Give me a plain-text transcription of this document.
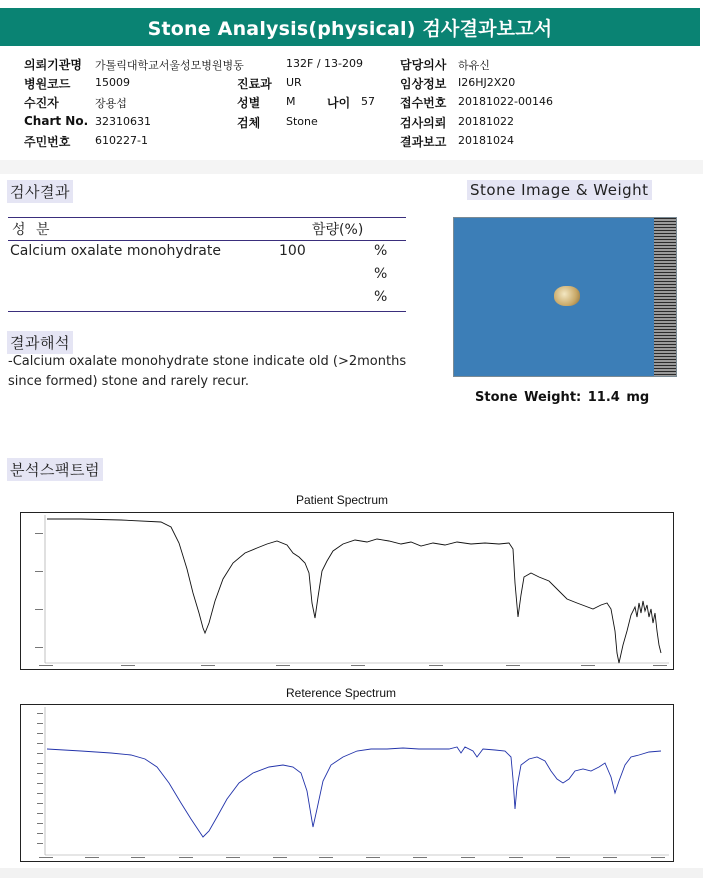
Stone Analysis(physical) 검사결과보고서
의뢰기관명 가톨릭대학교서울성모병원병동	132F / 13-209	담당의사 하유신
병원코드 15009	진료과 UR	임상정보 I26HJ2X20
수진자	장용섭	성별 M	나이 57 접수번호 20181022-00146
Chart No. 32310631	검체 Stone	검사의뢰 20181022
주민번호 610227-1	결과보고 20181024
검사결과
성 분	함량(%)
Calcium oxalate monohydrate	100	%
%
%
결과해석
-Calcium oxalate monohydrate stone indicate old (>2months since formed) stone and rarely recur.
Stone Image & Weight
Stone Weight: 11.4 mg
분석스팩트럼
Patient Spectrum
Reterence Spectrum
